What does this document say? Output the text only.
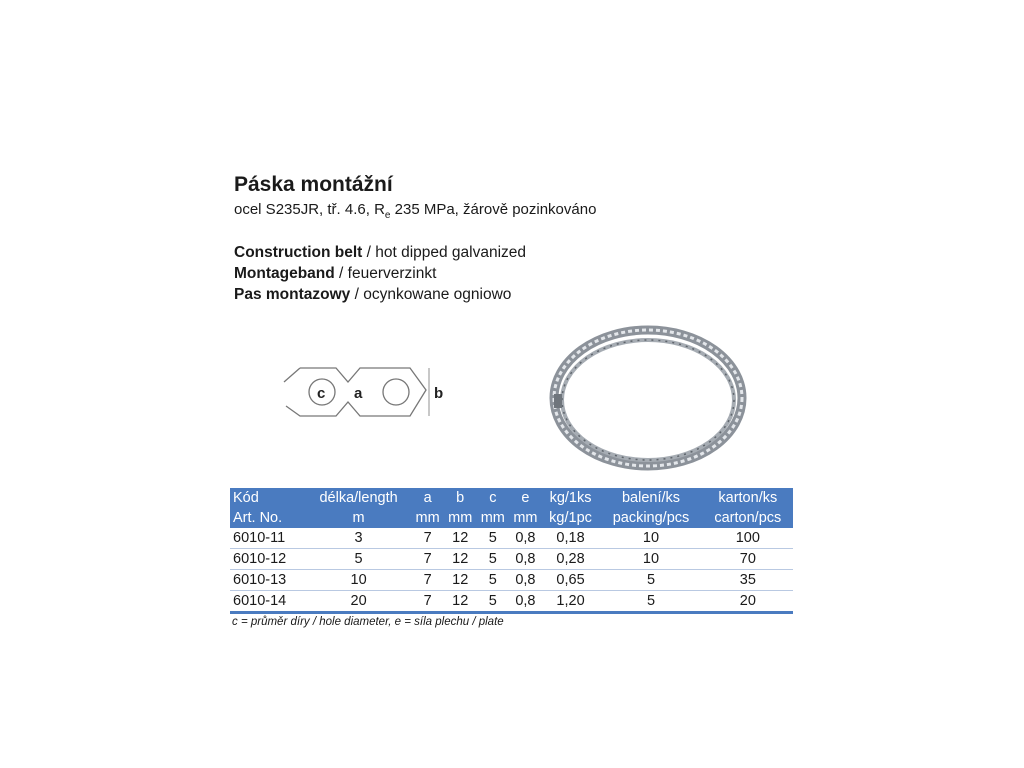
Páska montážní
ocel S235JR, tř. 4.6, $R_e$ 235 MPa, žárově pozinkováno
Construction belt / hot dipped galvanized
Montageband / feuerverzinkt
Pas montazowy / ocynkowane ogniowo
c a	b
Kód	délka/length	a	b	c	e	kg/1ks	balení/ks	karton/ks
Art. No.	m	mm	mm	mm	mm	kg/1pc	packing/pcs	carton/pcs
6010-11	3	7	12	5	0,8	0,18	10	100
6010-12	5	7	12	5	0,8	0,28	10	70
6010-13	10	7	12	5	0,8	0,65	5	35
6010-14	20	7	12	5	0,8	1,20	5	20
c = průměr díry / hole diameter, e = síla plechu / plate
